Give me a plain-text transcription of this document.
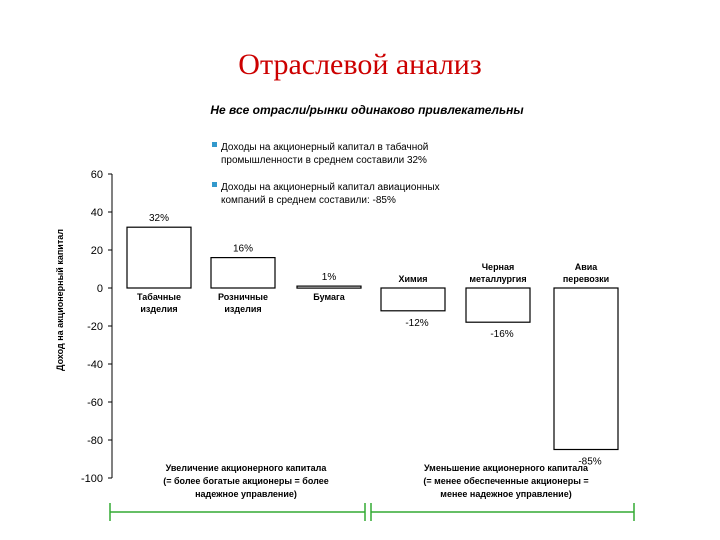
Отраслевой анализ
Не все отрасли/рынки одинаково привлекательны
60
40
20
0
-20
-40
-60
-80
-100
Доход на акционерный капитал
32%
Табачные
изделия
16%
Розничные
изделия
1%
Бумага
-12%
Химия
-16%
Черная
металлургия
-85%
Авиа
перевозки
Доходы на акционерный капитал в табачной
промышленности в среднем составили 32%
Доходы на акционерный капитал авиационных
компаний в среднем составили: -85%
Увеличение акционерного капитала
(= более богатые акционеры = более
надежное управление)
Уменьшение акционерного капитала
(= менее обеспеченные акционеры =
менее надежное управление)
